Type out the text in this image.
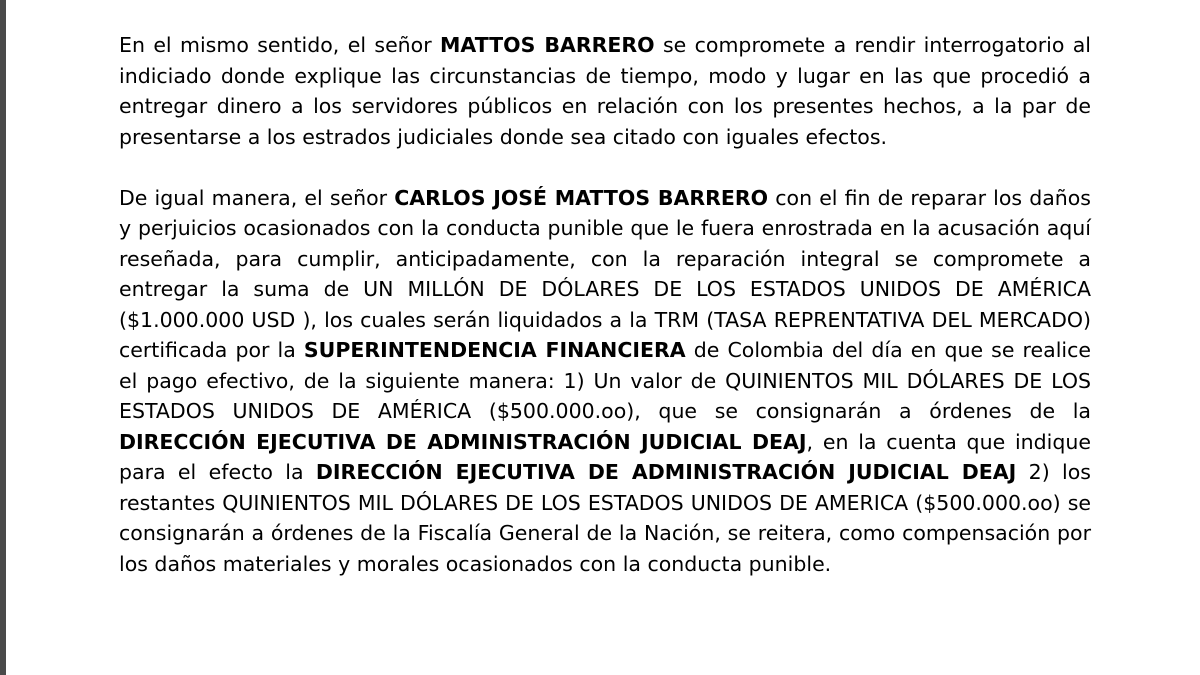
En el mismo sentido, el señor MATTOS BARRERO se compromete a rendir interrogatorio al indiciado donde explique las circunstancias de tiempo, modo y lugar en las que procedió a entregar dinero a los servidores públicos en relación con los presentes hechos, a la par de presentarse a los estrados judiciales donde sea citado con iguales efectos.

De igual manera, el señor CARLOS JOSÉ MATTOS BARRERO con el fin de reparar los daños y perjuicios ocasionados con la conducta punible que le fuera enrostrada en la acusación aquí reseñada, para cumplir, anticipadamente, con la reparación integral se compromete a entregar la suma de UN MILLÓN DE DÓLARES DE LOS ESTADOS UNIDOS DE AMÉRICA ($1.000.000 USD ), los cuales serán liquidados a la TRM (TASA REPRENTATIVA DEL MERCADO) certificada por la SUPERINTENDENCIA FINANCIERA de Colombia del día en que se realice el pago efectivo, de la siguiente manera: 1) Un valor de QUINIENTOS MIL DÓLARES DE LOS ESTADOS UNIDOS DE AMÉRICA ($500.000.oo), que se consignarán a órdenes de la DIRECCIÓN EJECUTIVA DE ADMINISTRACIÓN JUDICIAL DEAJ, en la cuenta que indique para el efecto la DIRECCIÓN EJECUTIVA DE ADMINISTRACIÓN JUDICIAL DEAJ 2) los restantes QUINIENTOS MIL DÓLARES DE LOS ESTADOS UNIDOS DE AMERICA ($500.000.oo) se consignarán a órdenes de la Fiscalía General de la Nación, se reitera, como compensación por los daños materiales y morales ocasionados con la conducta punible.
